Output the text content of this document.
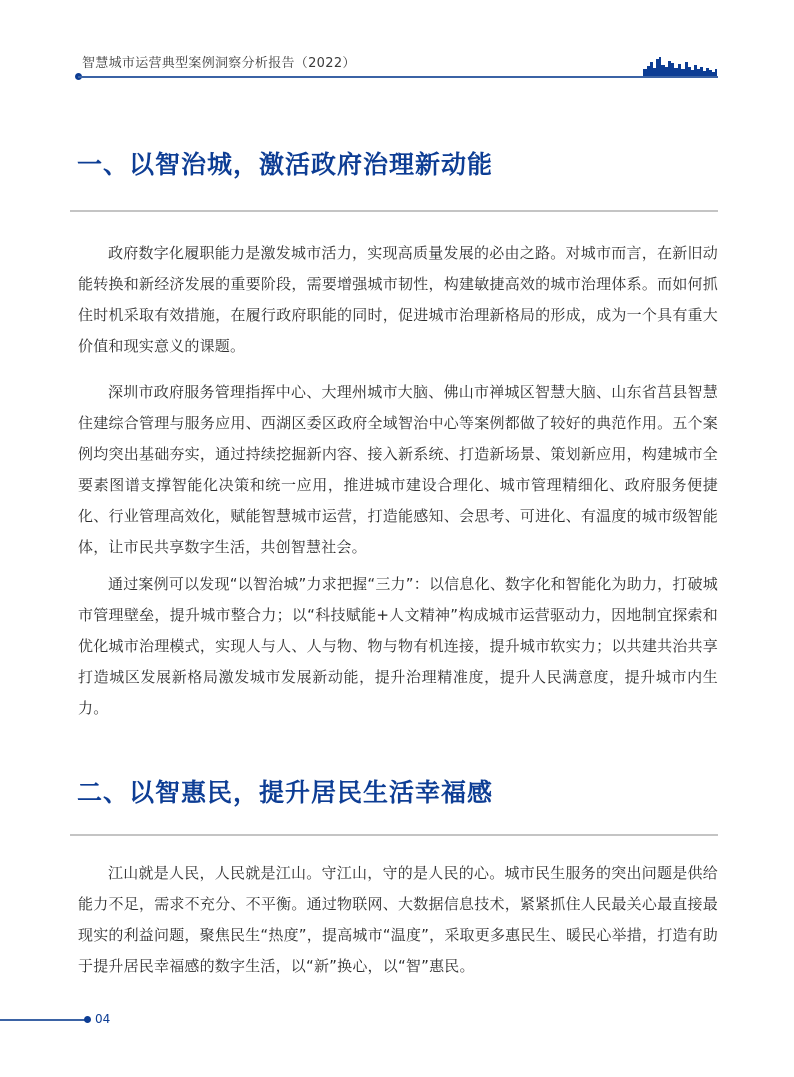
智慧城市运营典型案例洞察分析报告（2022）
一、以智治城，激活政府治理新动能

政府数字化履职能力是激发城市活力，实现高质量发展的必由之路。对城市而言，在新旧动能转换和新经济发展的重要阶段，需要增强城市韧性，构建敏捷高效的城市治理体系。而如何抓住时机采取有效措施，在履行政府职能的同时，促进城市治理新格局的形成，成为一个具有重大价值和现实意义的课题。

深圳市政府服务管理指挥中心、大理州城市大脑、佛山市禅城区智慧大脑、山东省莒县智慧住建综合管理与服务应用、西湖区委区政府全域智治中心等案例都做了较好的典范作用。五个案例均突出基础夯实，通过持续挖掘新内容、接入新系统、打造新场景、策划新应用，构建城市全要素图谱支撑智能化决策和统一应用，推进城市建设合理化、城市管理精细化、政府服务便捷化、行业管理高效化，赋能智慧城市运营，打造能感知、会思考、可进化、有温度的城市级智能体，让市民共享数字生活，共创智慧社会。

通过案例可以发现“以智治城”力求把握“三力”：以信息化、数字化和智能化为助力，打破城市管理壁垒，提升城市整合力；以“科技赋能+人文精神”构成城市运营驱动力，因地制宜探索和优化城市治理模式，实现人与人、人与物、物与物有机连接，提升城市软实力；以共建共治共享打造城区发展新格局激发城市发展新动能，提升治理精准度，提升人民满意度，提升城市内生力。

二、以智惠民，提升居民生活幸福感

江山就是人民，人民就是江山。守江山，守的是人民的心。城市民生服务的突出问题是供给能力不足，需求不充分、不平衡。通过物联网、大数据信息技术，紧紧抓住人民最关心最直接最现实的利益问题，聚焦民生“热度”，提高城市“温度”，采取更多惠民生、暖民心举措，打造有助于提升居民幸福感的数字生活，以“新”换心，以“智”惠民。

04
